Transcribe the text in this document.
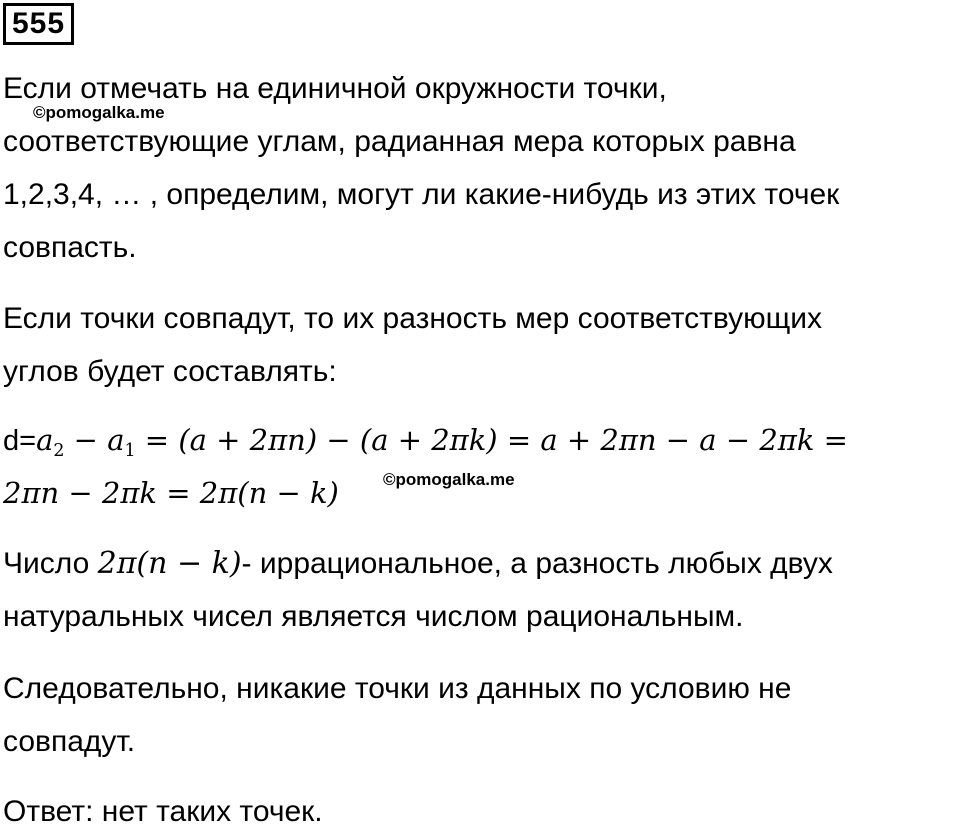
555
Если отмечать на единичной окружности точки,
соответствующие углам, радианная мера которых равна
1,2,3,4, … , определим, могут ли какие-нибудь из этих точек
совпасть.
©pomogalka.me
Если точки совпадут, то их разность мер соответствующих
углов будет составлять:
$d=a_2 - a_1 = (a + 2\pi n) - (a + 2\pi k) = a + 2\pi n - a - 2\pi k$ =
2πn − 2πk = 2π(n − k)	©pomogalka.me
Число 2π(n − k)- иррациональное, а разность любых двух
натуральных чисел является числом рациональным.
Следовательно, никакие точки из данных по условию не
совпадут.
Ответ: нет таких точек.
